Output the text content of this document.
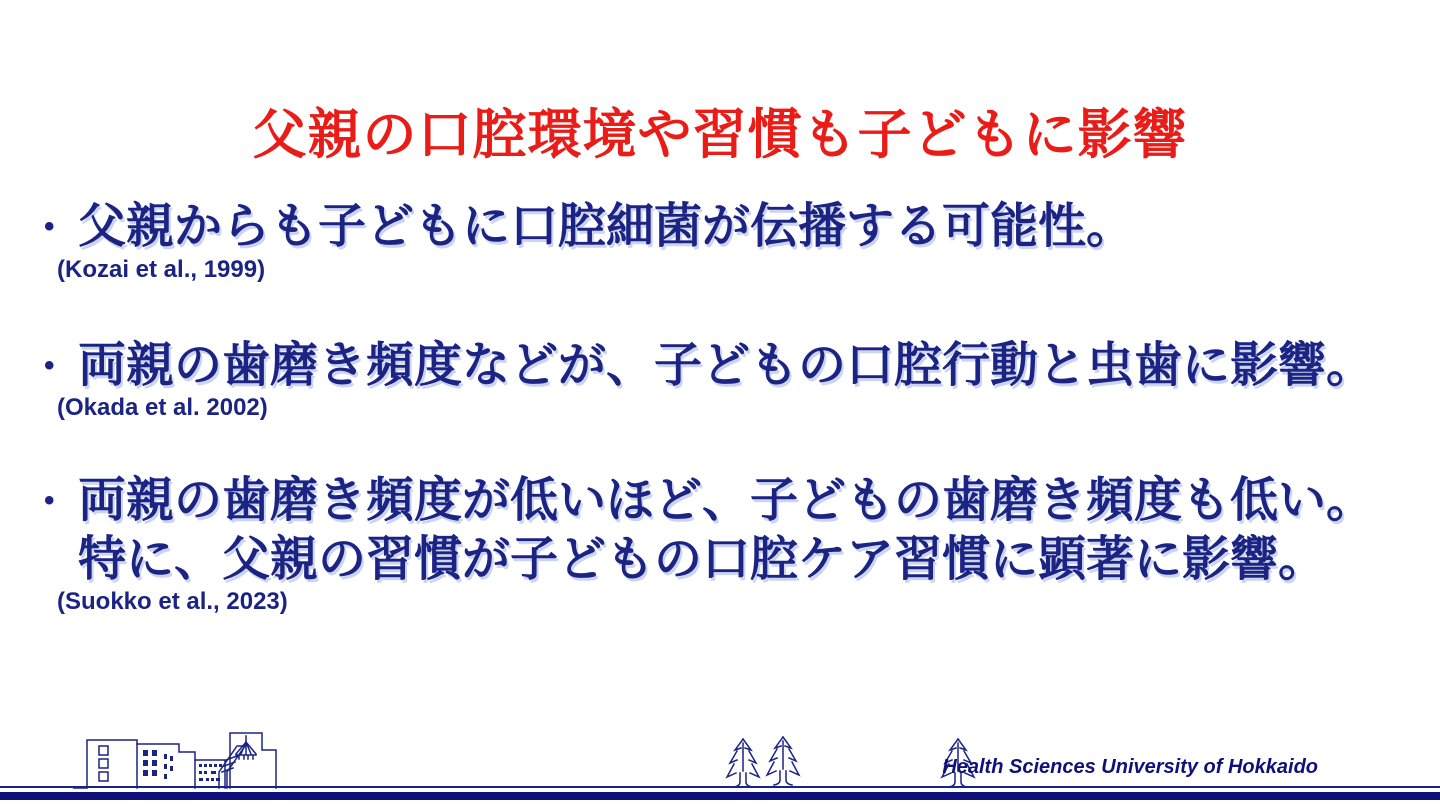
父親の口腔環境や習慣も子どもに影響
• 父親からも子どもに口腔細菌が伝播する可能性。
(Kozai et al., 1999)
• 両親の歯磨き頻度などが、子どもの口腔行動と虫歯に影響。
(Okada et al. 2002)
• 両親の歯磨き頻度が低いほど、子どもの歯磨き頻度も低い。
特に、父親の習慣が子どもの口腔ケア習慣に顕著に影響。
(Suokko et al., 2023)
Health Sciences University of Hokkaido
